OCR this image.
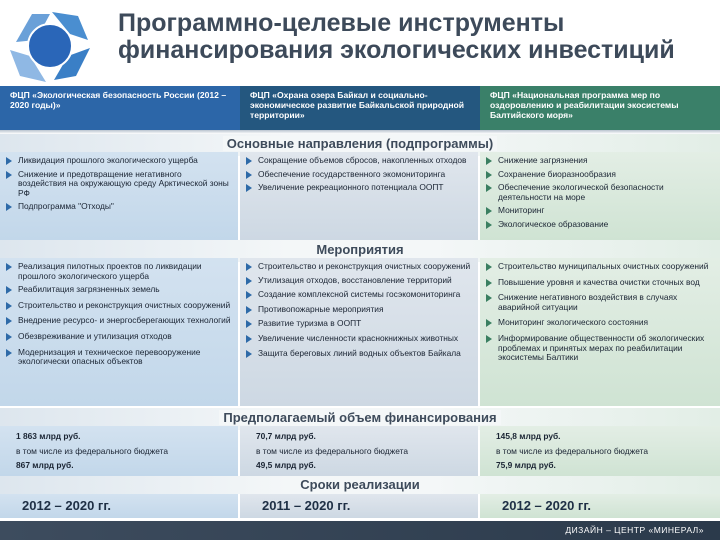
Программно-целевые инструменты
финансирования экологических инвестиций
ФЦП «Экологическая безопасность России (2012 – 2020 годы)»
ФЦП «Охрана озера Байкал и социально-экономическое развитие Байкальской природной территории»
ФЦП «Национальная программа мер по оздоровлению и реабилитации экосистемы Балтийского моря»
Основные направления (подпрограммы)
Ликвидация прошлого экологического ущерба
Снижение и предотвращение негативного воздействия на окружающую среду Арктической зоны РФ
Подпрограмма "Отходы"
Сокращение объемов сбросов, накопленных отходов
Обеспечение государственного экомониторинга
Увеличение рекреационного потенциала ООПТ
Снижение загрязнения
Сохранение биоразнообразия
Обеспечение экологической безопасности деятельности на море
Мониторинг
Экологическое образование
Мероприятия
Реализация пилотных проектов по ликвидации прошлого экологического ущерба
Реабилитация загрязненных земель
Строительство и реконструкция очистных сооружений
Внедрение ресурсо- и энергосберегающих технологий
Обезвреживание и утилизация отходов
Модернизация и техническое перевооружение экологически опасных объектов
Строительство и реконструкция очистных сооружений
Утилизация отходов, восстановление территорий
Создание комплексной системы госэкомониторинга
Противопожарные мероприятия
Развитие туризма в ООПТ
Увеличение численности краснокнижных животных
Защита береговых линий водных объектов Байкала
Строительство муниципальных очистных сооружений
Повышение уровня и качества очистки сточных вод
Снижение негативного воздействия в случаях аварийной ситуации
Мониторинг экологического состояния
Информирование общественности об экологических проблемах и принятых мерах по реабилитации экосистемы Балтики
Предполагаемый объем финансирования
1 863 млрд руб.
в том числе из федерального бюджета
867 млрд руб.
70,7 млрд руб.
в том числе из федерального бюджета
49,5 млрд руб.
145,8 млрд руб.
в том числе из федерального бюджета
75,9 млрд руб.
Сроки реализации
2012 – 2020 гг.	2011 – 2020 гг.	2012 – 2020 гг.
ДИЗАЙН – ЦЕНТР «МИНЕРАЛ»
